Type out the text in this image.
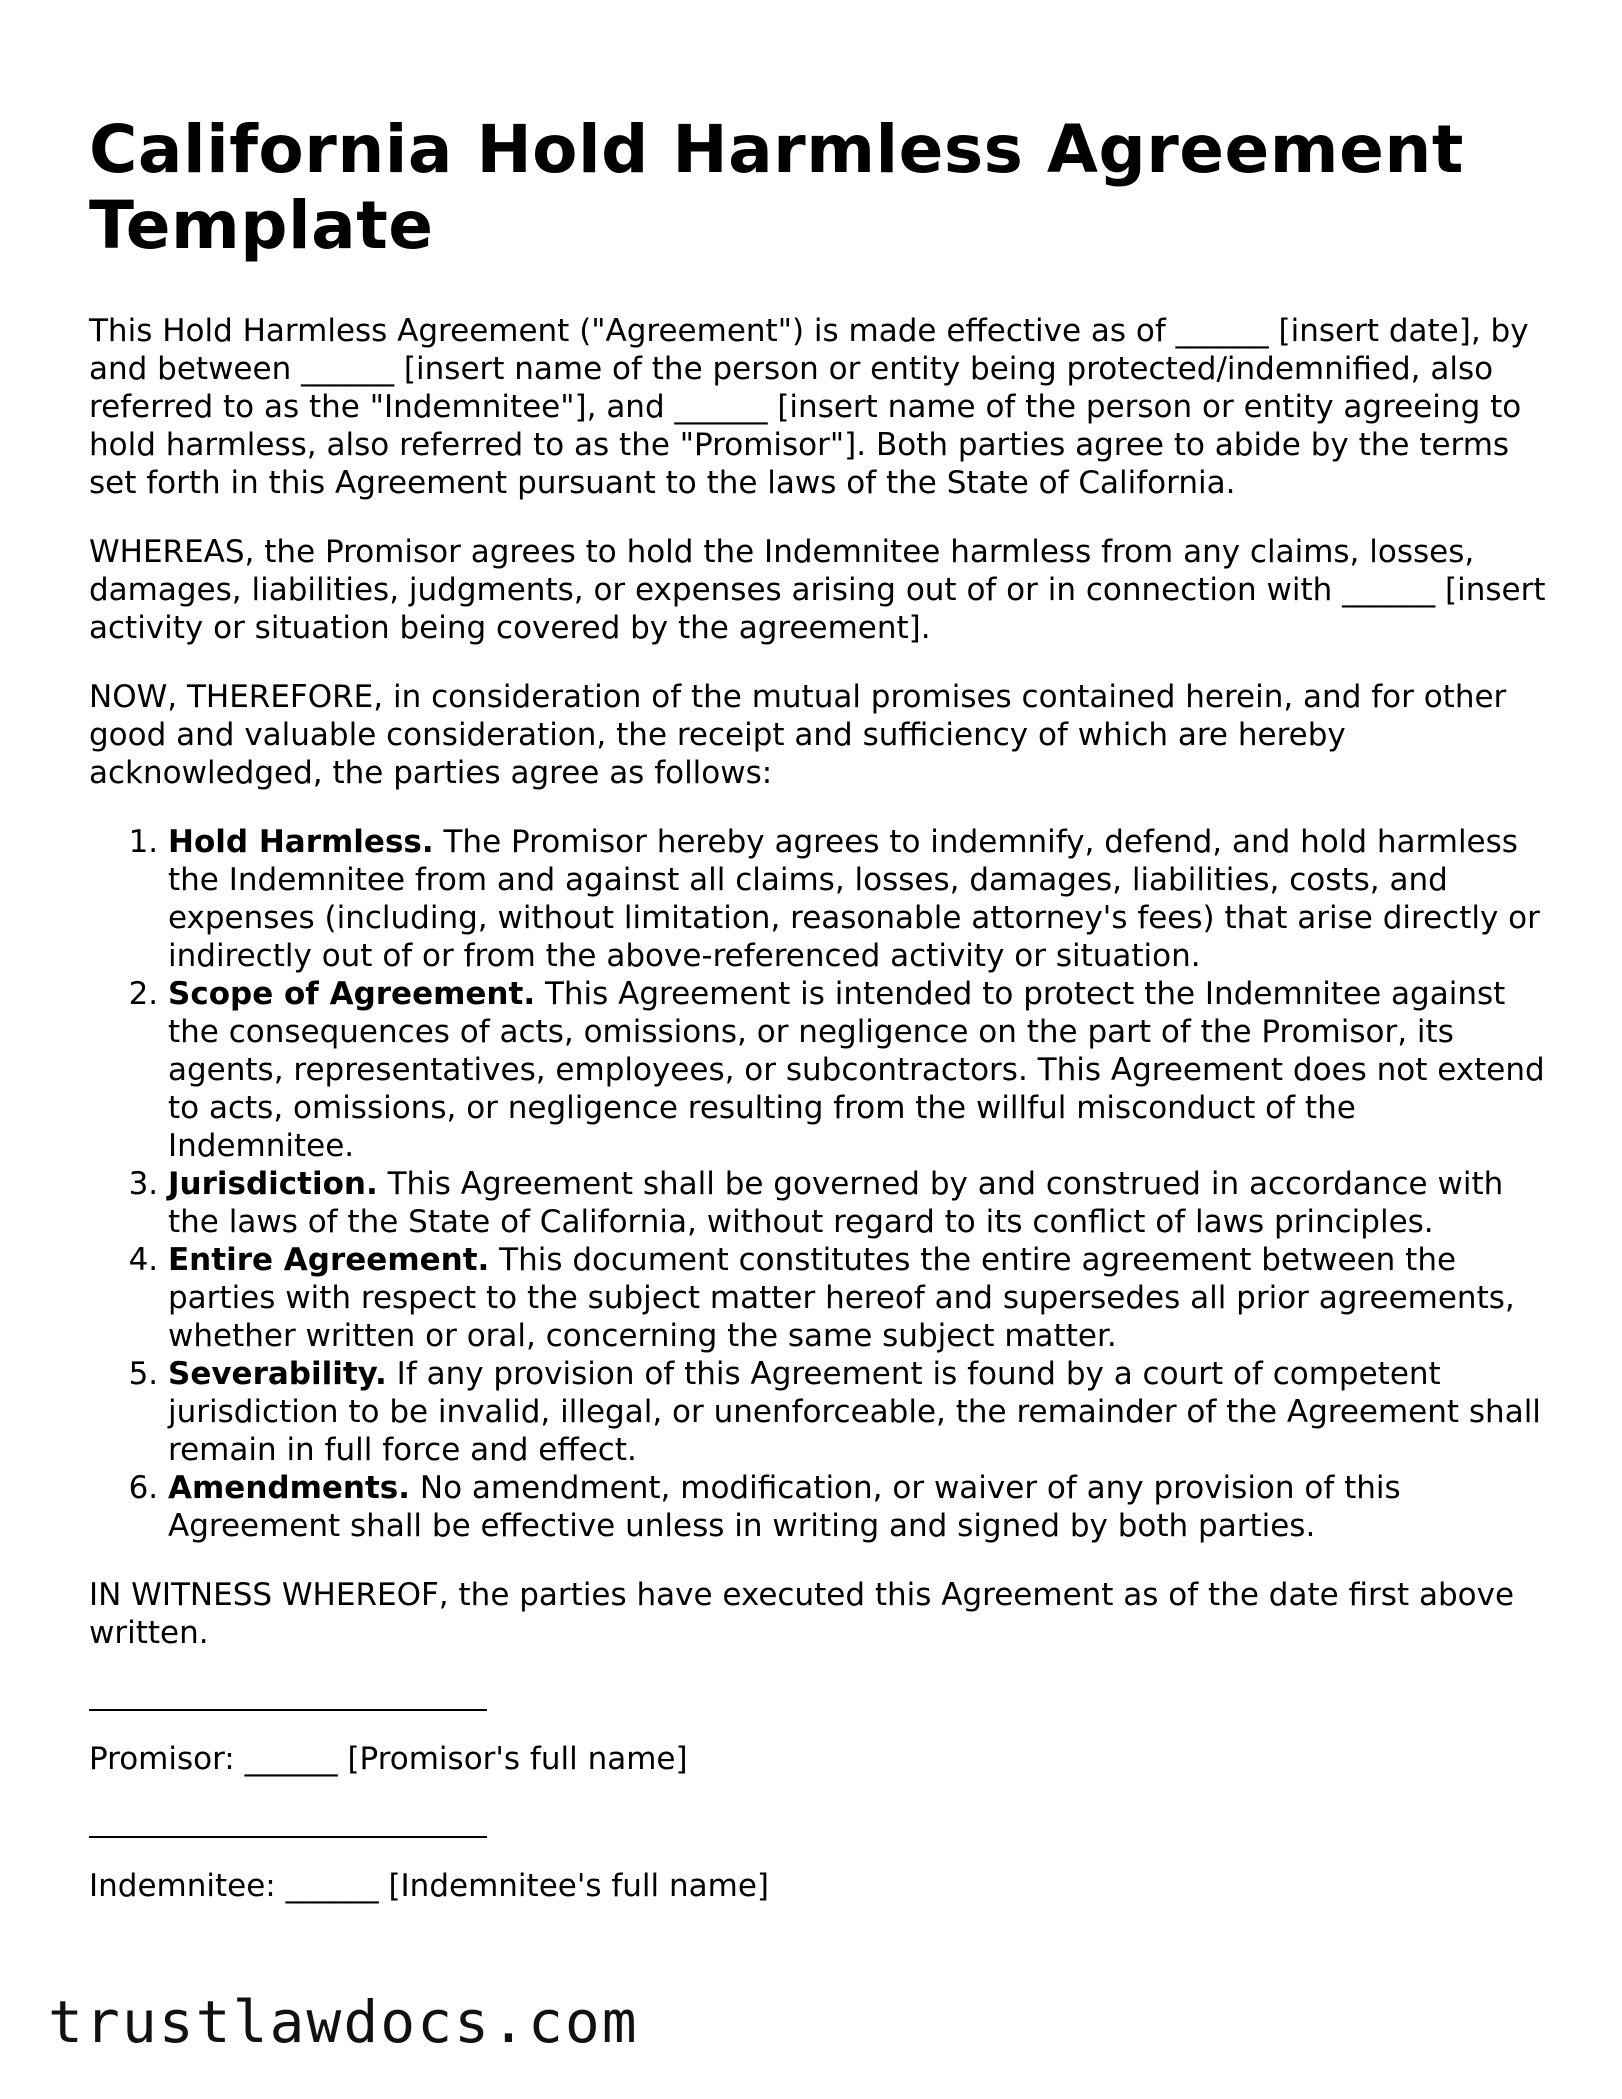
California Hold Harmless Agreement Template

This Hold Harmless Agreement ("Agreement") is made effective as of ______ [insert date], by and between ______ [insert name of the person or entity being protected/indemnified, also referred to as the "Indemnitee"], and ______ [insert name of the person or entity agreeing to hold harmless, also referred to as the "Promisor"]. Both parties agree to abide by the terms set forth in this Agreement pursuant to the laws of the State of California.

WHEREAS, the Promisor agrees to hold the Indemnitee harmless from any claims, losses, damages, liabilities, judgments, or expenses arising out of or in connection with ______ [insert activity or situation being covered by the agreement].

NOW, THEREFORE, in consideration of the mutual promises contained herein, and for other good and valuable consideration, the receipt and sufficiency of which are hereby acknowledged, the parties agree as follows:

1. Hold Harmless. The Promisor hereby agrees to indemnify, defend, and hold harmless the Indemnitee from and against all claims, losses, damages, liabilities, costs, and expenses (including, without limitation, reasonable attorney's fees) that arise directly or indirectly out of or from the above-referenced activity or situation.
2. Scope of Agreement. This Agreement is intended to protect the Indemnitee against the consequences of acts, omissions, or negligence on the part of the Promisor, its agents, representatives, employees, or subcontractors. This Agreement does not extend to acts, omissions, or negligence resulting from the willful misconduct of the Indemnitee.
3. Jurisdiction. This Agreement shall be governed by and construed in accordance with the laws of the State of California, without regard to its conflict of laws principles.
4. Entire Agreement. This document constitutes the entire agreement between the parties with respect to the subject matter hereof and supersedes all prior agreements, whether written or oral, concerning the same subject matter.
5. Severability. If any provision of this Agreement is found by a court of competent jurisdiction to be invalid, illegal, or unenforceable, the remainder of the Agreement shall remain in full force and effect.
6. Amendments. No amendment, modification, or waiver of any provision of this Agreement shall be effective unless in writing and signed by both parties.

IN WITNESS WHEREOF, the parties have executed this Agreement as of the date first above written.

Promisor: ______ [Promisor's full name]

Indemnitee: ______ [Indemnitee's full name]

trustlawdocs.com
